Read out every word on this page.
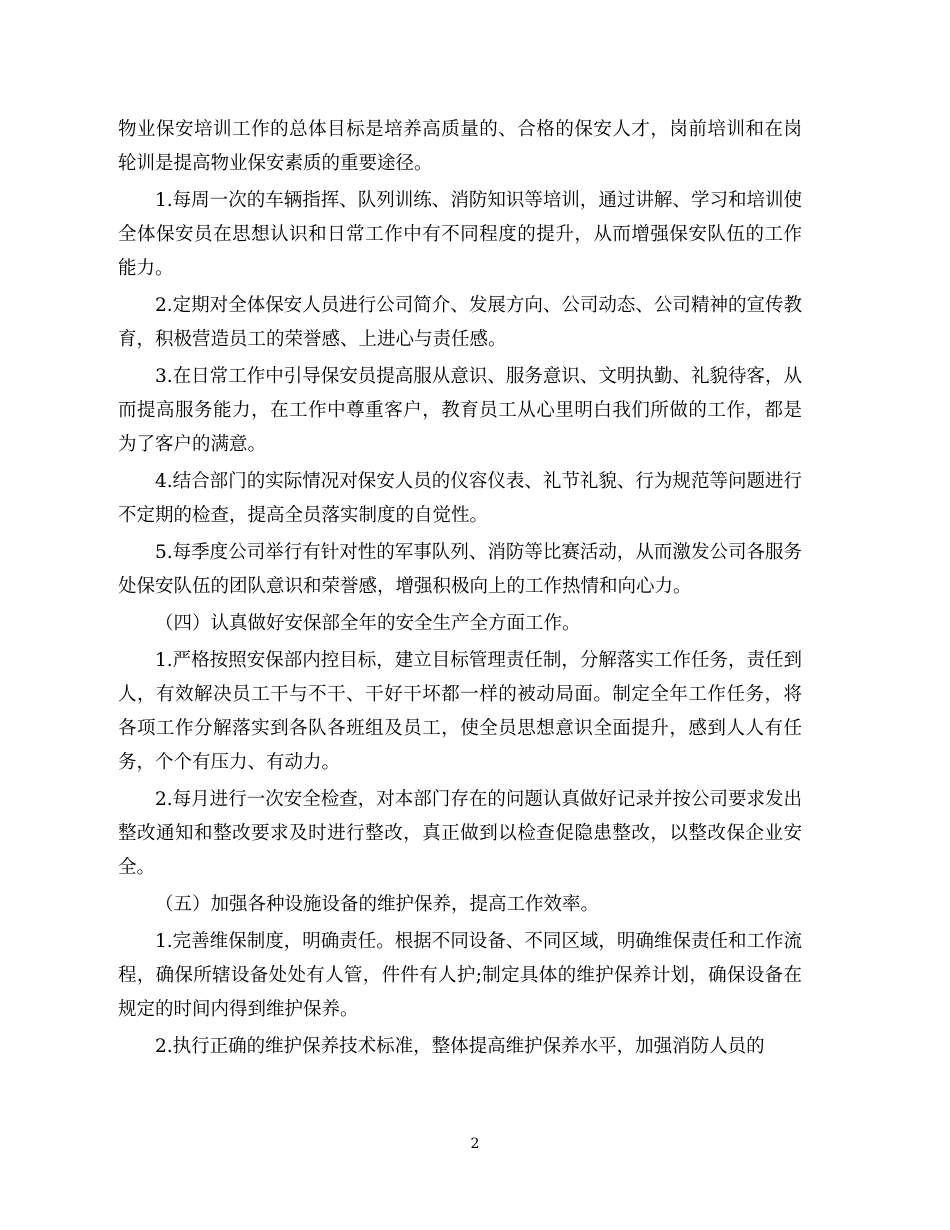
物业保安培训工作的总体目标是培养高质量的、合格的保安人才，岗前培训和在岗轮训是提高物业保安素质的重要途径。

1.每周一次的车辆指挥、队列训练、消防知识等培训，通过讲解、学习和培训使全体保安员在思想认识和日常工作中有不同程度的提升，从而增强保安队伍的工作能力。

2.定期对全体保安人员进行公司简介、发展方向、公司动态、公司精神的宣传教育，积极营造员工的荣誉感、上进心与责任感。

3.在日常工作中引导保安员提高服从意识、服务意识、文明执勤、礼貌待客，从而提高服务能力，在工作中尊重客户，教育员工从心里明白我们所做的工作，都是为了客户的满意。

4.结合部门的实际情况对保安人员的仪容仪表、礼节礼貌、行为规范等问题进行不定期的检查，提高全员落实制度的自觉性。

5.每季度公司举行有针对性的军事队列、消防等比赛活动，从而激发公司各服务处保安队伍的团队意识和荣誉感，增强积极向上的工作热情和向心力。

（四）认真做好安保部全年的安全生产全方面工作。

1.严格按照安保部内控目标，建立目标管理责任制，分解落实工作任务，责任到人，有效解决员工干与不干、干好干坏都一样的被动局面。制定全年工作任务，将各项工作分解落实到各队各班组及员工，使全员思想意识全面提升，感到人人有任务，个个有压力、有动力。

2.每月进行一次安全检查，对本部门存在的问题认真做好记录并按公司要求发出整改通知和整改要求及时进行整改，真正做到以检查促隐患整改，以整改保企业安全。

（五）加强各种设施设备的维护保养，提高工作效率。

1.完善维保制度，明确责任。根据不同设备、不同区域，明确维保责任和工作流程，确保所辖设备处处有人管，件件有人护;制定具体的维护保养计划，确保设备在规定的时间内得到维护保养。

2.执行正确的维护保养技术标准，整体提高维护保养水平，加强消防人员的

2
